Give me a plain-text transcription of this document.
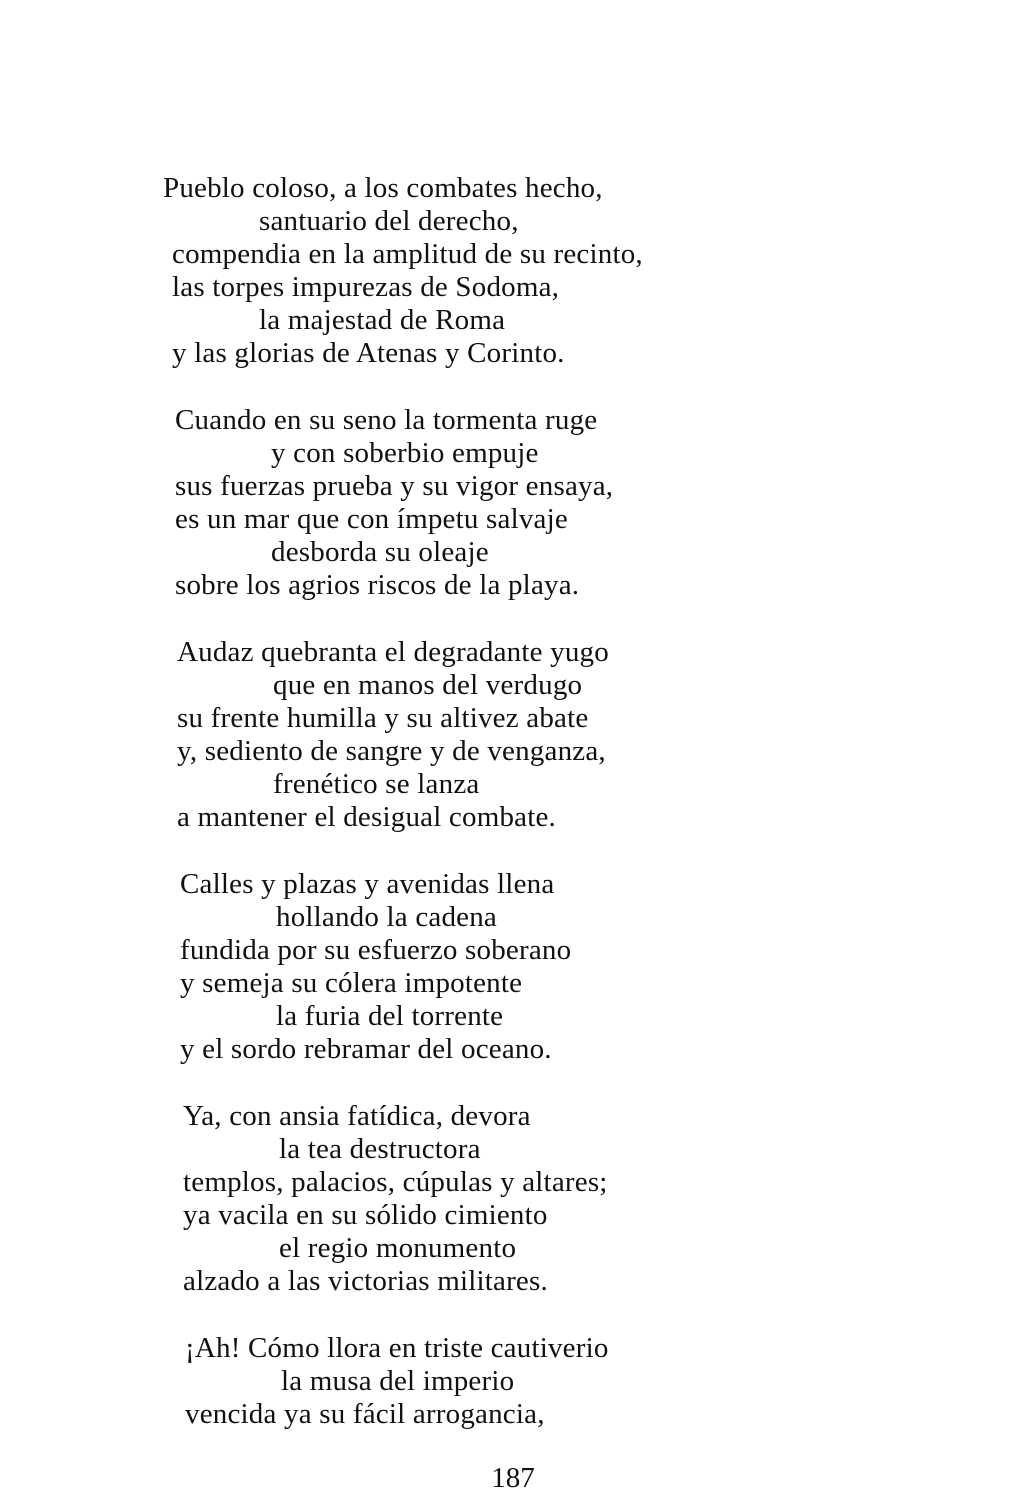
Pueblo coloso, a los combates hecho,
santuario del derecho,
compendia en la amplitud de su recinto,
las torpes impurezas de Sodoma,
la majestad de Roma
y las glorias de Atenas y Corinto.
Cuando en su seno la tormenta ruge
y con soberbio empuje
sus fuerzas prueba y su vigor ensaya,
es un mar que con ímpetu salvaje
desborda su oleaje
sobre los agrios riscos de la playa.
Audaz quebranta el degradante yugo
que en manos del verdugo
su frente humilla y su altivez abate
y, sediento de sangre y de venganza,
frenético se lanza
a mantener el desigual combate.
Calles y plazas y avenidas llena
hollando la cadena
fundida por su esfuerzo soberano
y semeja su cólera impotente
la furia del torrente
y el sordo rebramar del oceano.
Ya, con ansia fatídica, devora
la tea destructora
templos, palacios, cúpulas y altares;
ya vacila en su sólido cimiento
el regio monumento
alzado a las victorias militares.
¡Ah! Cómo llora en triste cautiverio
la musa del imperio
vencida ya su fácil arrogancia,
187
